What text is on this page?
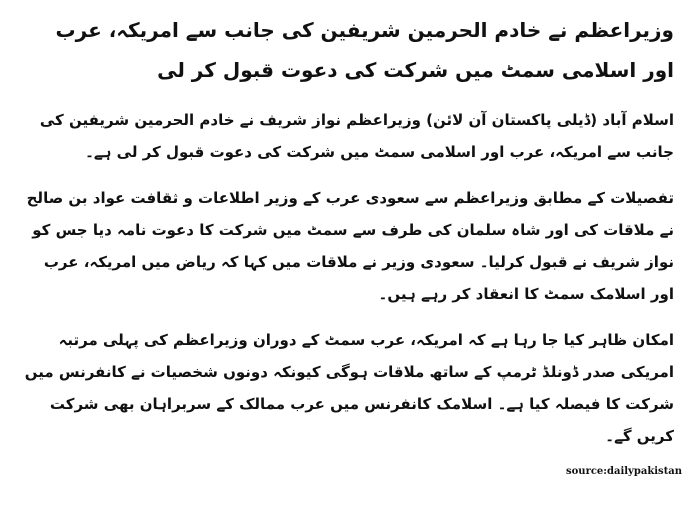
وزیراعظم نے خادم الحرمین شریفین کی جانب سے امریکہ، عرب اور اسلامی سمٹ میں شرکت کی دعوت قبول کر لی

اسلام آباد (ڈیلی پاکستان آن لائن) وزیراعظم نواز شریف نے خادم الحرمین شریفین کی جانب سے امریکہ، عرب اور اسلامی سمٹ میں شرکت کی دعوت قبول کر لی ہے۔

تفصیلات کے مطابق وزیراعظم سے سعودی عرب کے وزیر اطلاعات و ثقافت عواد بن صالح نے ملاقات کی اور شاہ سلمان کی طرف سے سمٹ میں شرکت کا دعوت نامہ دیا جس کو نواز شریف نے قبول کرلیا۔ سعودی وزیر نے ملاقات میں کہا کہ ریاض میں امریکہ، عرب اور اسلامک سمٹ کا انعقاد کر رہے ہیں۔

امکان ظاہر کیا جا رہا ہے کہ امریکہ، عرب سمٹ کے دوران وزیراعظم کی پہلی مرتبہ امریکی صدر ڈونلڈ ٹرمپ کے ساتھ ملاقات ہوگی کیونکہ دونوں شخصیات نے کانفرنس میں شرکت کا فیصلہ کیا ہے۔ اسلامک کانفرنس میں عرب ممالک کے سربراہان بھی شرکت کریں گے۔

source:dailypakistan
